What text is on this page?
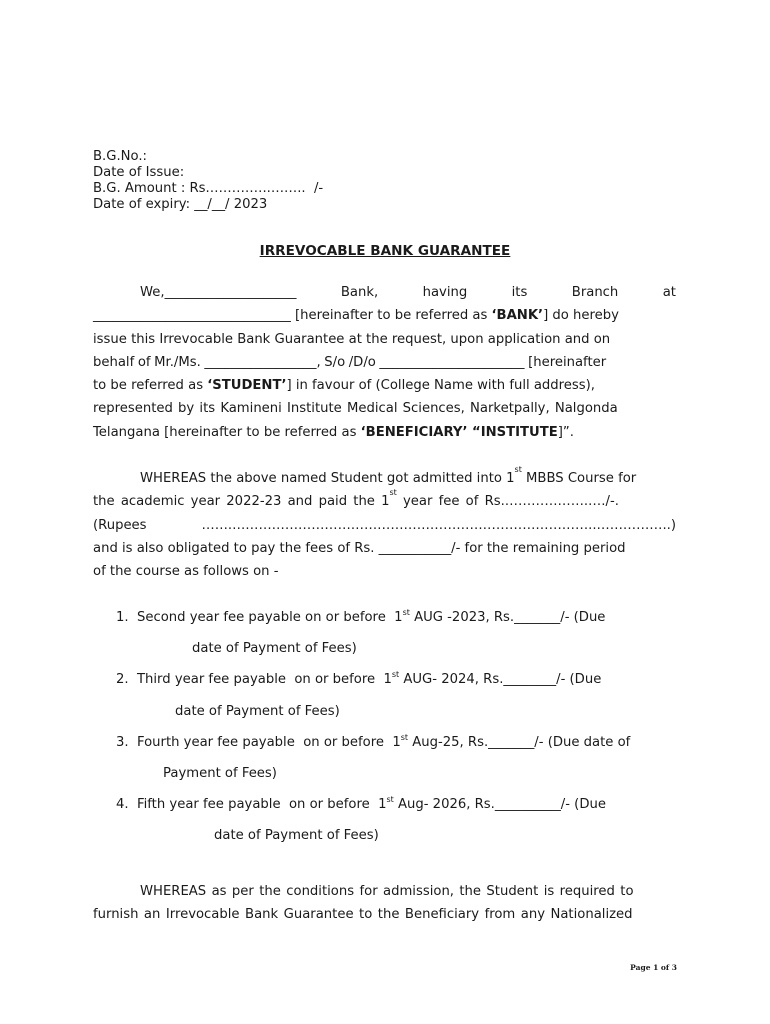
B.G.No.:
Date of Issue:
B.G. Amount : Rs.…………..……..  /-
Date of expiry: __/__/ 2023
IRREVOCABLE BANK GUARANTEE
We,____________________	Bank,	having	its	Branch	at
______________________________ [hereinafter to be referred as ‘BANK’] do hereby
issue this Irrevocable Bank Guarantee at the request, upon application and on
behalf of Mr./Ms. _________________, S/o /D/o ______________________ [hereinafter
to be referred as ‘STUDENT’] in favour of (College Name with full address),
represented by its Kamineni Institute Medical Sciences, Narketpally, Nalgonda
Telangana [hereinafter to be referred as ‘BENEFICIARY’ “INSTITUTE]”.
WHEREAS the above named Student got admitted into 1st MBBS Course for
the academic year 2022-23 and paid the 1st year fee of Rs.………………..…/-.
(Rupees	…….………………………………………………………………………..……………..)
and is also obligated to pay the fees of Rs. ___________/- for the remaining period
of the course as follows on -
1. Second year fee payable on or before  1st AUG -2023, Rs._______/- (Due
date of Payment of Fees)
2. Third year fee payable  on or before  1st AUG- 2024, Rs.________/- (Due
date of Payment of Fees)
3. Fourth year fee payable  on or before  1st Aug-25, Rs._______/- (Due date of
Payment of Fees)
4. Fifth year fee payable  on or before  1st Aug- 2026, Rs.__________/- (Due
date of Payment of Fees)
WHEREAS as per the conditions for admission, the Student is required to
furnish an Irrevocable Bank Guarantee to the Beneficiary from any Nationalized
Page 1 of 3
